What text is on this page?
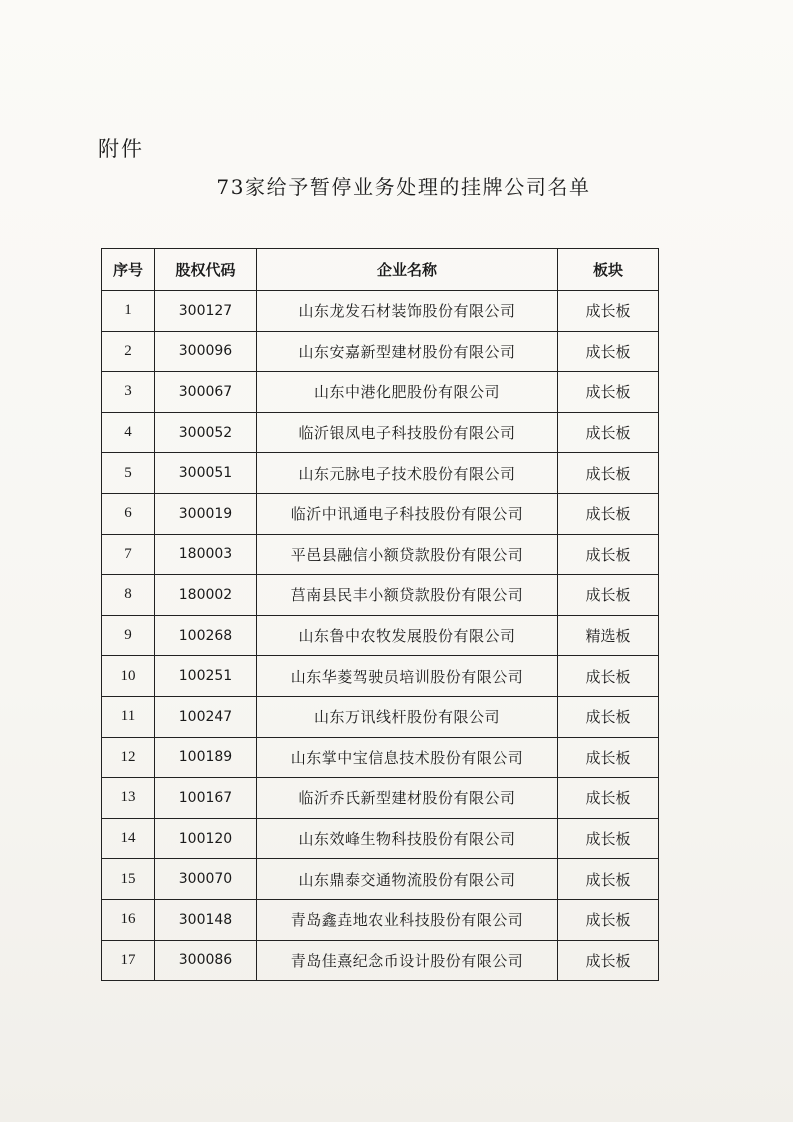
附件
73家给予暂停业务处理的挂牌公司名单
序号	股权代码	企业名称	板块
1	300127	山东龙发石材装饰股份有限公司	成长板
2	300096	山东安嘉新型建材股份有限公司	成长板
3	300067	山东中港化肥股份有限公司	成长板
4	300052	临沂银凤电子科技股份有限公司	成长板
5	300051	山东元脉电子技术股份有限公司	成长板
6	300019	临沂中讯通电子科技股份有限公司	成长板
7	180003	平邑县融信小额贷款股份有限公司	成长板
8	180002	莒南县民丰小额贷款股份有限公司	成长板
9	100268	山东鲁中农牧发展股份有限公司	精选板
10	100251	山东华菱驾驶员培训股份有限公司	成长板
11	100247	山东万讯线杆股份有限公司	成长板
12	100189	山东掌中宝信息技术股份有限公司	成长板
13	100167	临沂乔氏新型建材股份有限公司	成长板
14	100120	山东效峰生物科技股份有限公司	成长板
15	300070	山东鼎泰交通物流股份有限公司	成长板
16	300148	青岛鑫垚地农业科技股份有限公司	成长板
17	300086	青岛佳熹纪念币设计股份有限公司	成长板
